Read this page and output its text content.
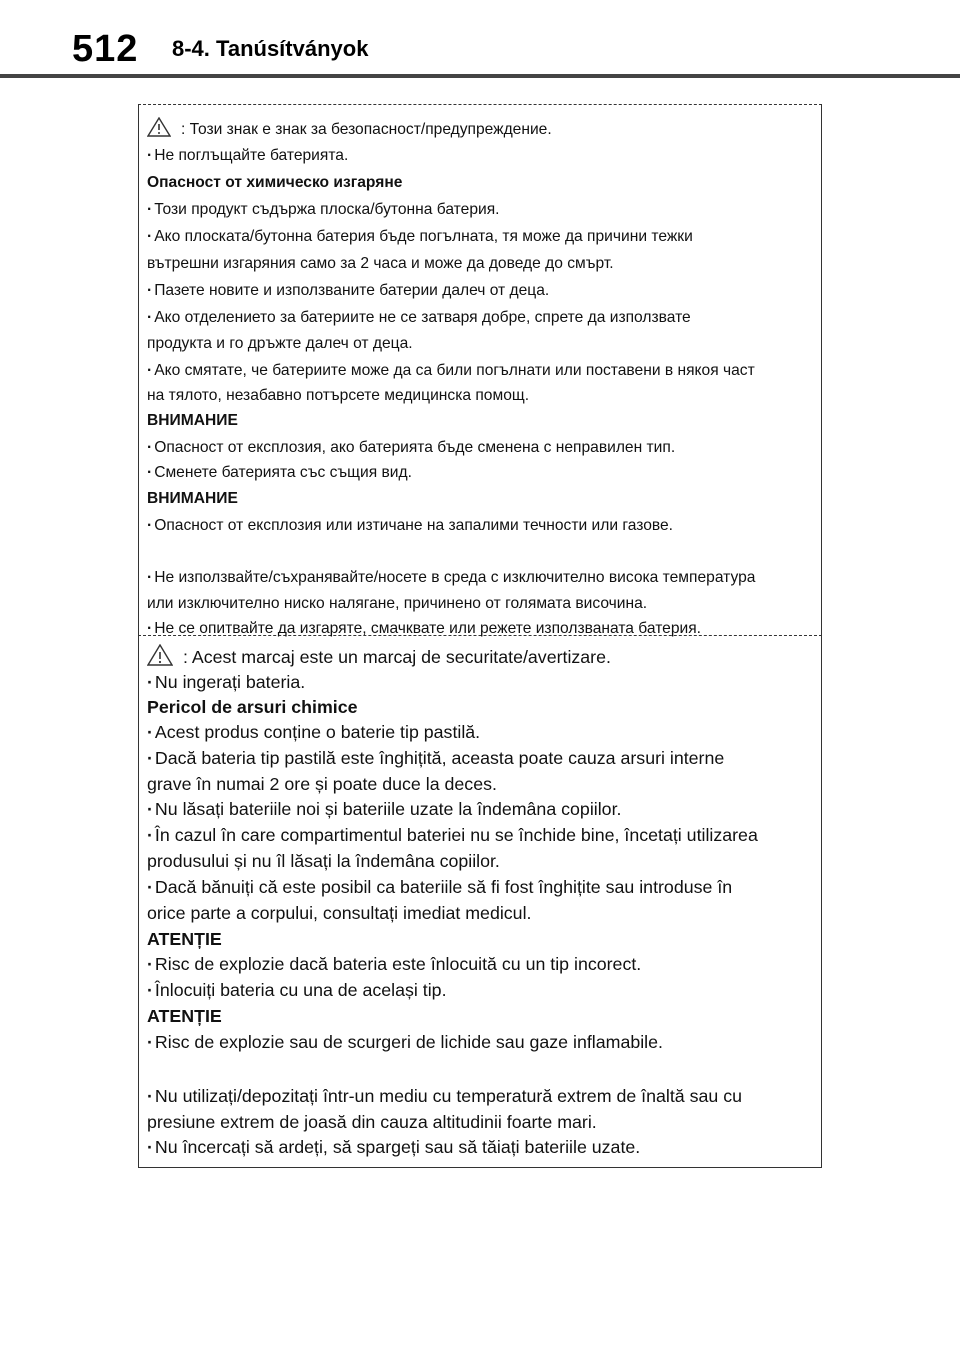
512 8-4. Tanúsítványok
: Този знак е знак за безопасност/предупреждение.
· Не поглъщайте батерията.
Опасност от химическо изгаряне
· Този продукт съдържа плоска/бутонна батерия.
· Ако плоската/бутонна батерия бъде погълната, тя може да причини тежки
вътрешни изгаряния само за 2 часа и може да доведе до смърт.
· Пазете новите и използваните батерии далеч от деца.
· Ако отделението за батериите не се затваря добре, спрете да използвате
продукта и го дръжте далеч от деца.
· Ако смятате, че батериите може да са били погълнати или поставени в някоя част
на тялото, незабавно потърсете медицинска помощ.
ВНИМАНИЕ
· Опасност от експлозия, ако батерията бъде сменена с неправилен тип.
· Сменете батерията със същия вид.
ВНИМАНИЕ
· Опасност от експлозия или изтичане на запалими течности или газове.
· Не използвайте/съхранявайте/носете в среда с изключително висока температура
или изключително ниско налягане, причинено от голямата височина.
· Не се опитвайте да изгаряте, смачквате или режете използваната батерия.
: Acest marcaj este un marcaj de securitate/avertizare.
· Nu ingerați bateria.
Pericol de arsuri chimice
· Acest produs conține o baterie tip pastilă.
· Dacă bateria tip pastilă este înghițită, aceasta poate cauza arsuri interne
grave în numai 2 ore și poate duce la deces.
· Nu lăsați bateriile noi și bateriile uzate la îndemâna copiilor.
· În cazul în care compartimentul bateriei nu se închide bine, încetați utilizarea
produsului și nu îl lăsați la îndemâna copiilor.
· Dacă bănuiți că este posibil ca bateriile să fi fost înghițite sau introduse în
orice parte a corpului, consultați imediat medicul.
ATENȚIE
· Risc de explozie dacă bateria este înlocuită cu un tip incorect.
· Înlocuiți bateria cu una de același tip.
ATENȚIE
· Risc de explozie sau de scurgeri de lichide sau gaze inflamabile.
· Nu utilizați/depozitați într-un mediu cu temperatură extrem de înaltă sau cu
presiune extrem de joasă din cauza altitudinii foarte mari.
· Nu încercați să ardeți, să spargeți sau să tăiați bateriile uzate.
